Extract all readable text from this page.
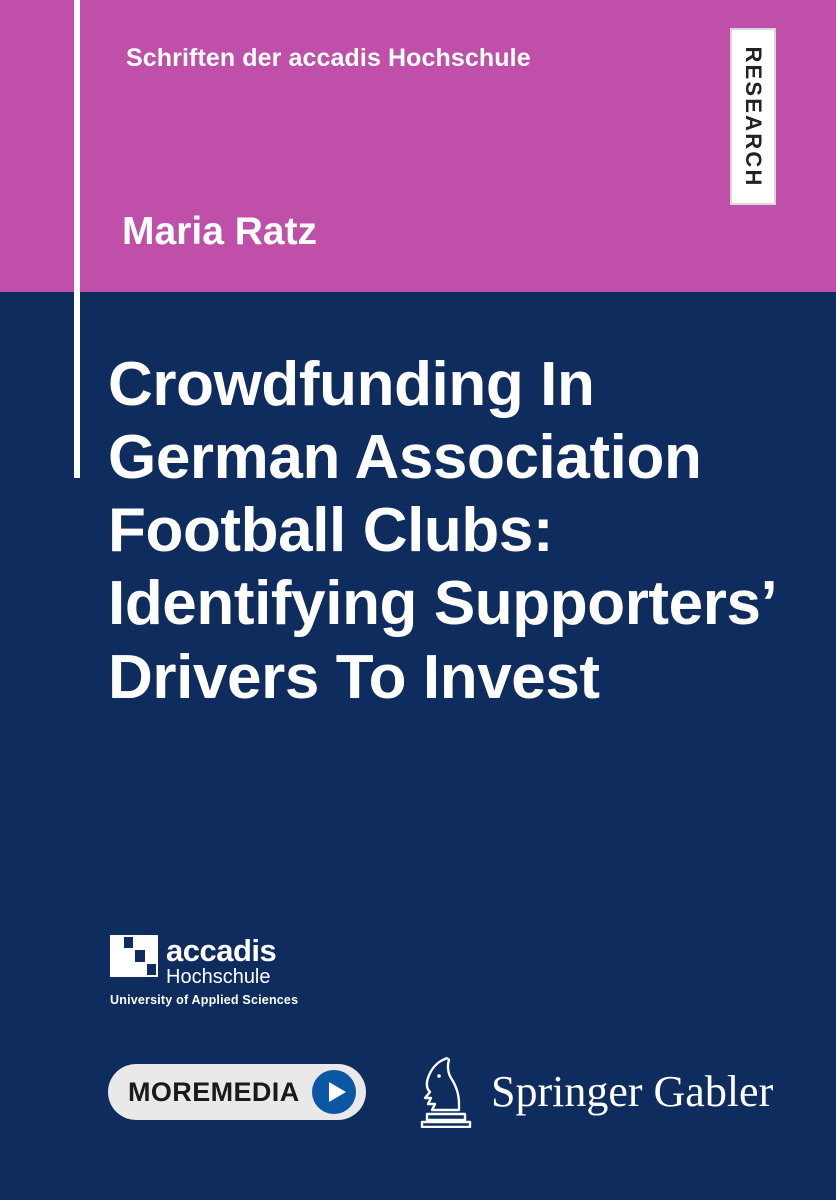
Schriften der accadis Hochschule	RESEARCH
Maria Ratz
Crowdfunding In
German Association
Football Clubs:
Identifying Supporters’
Drivers To Invest
accadis
Hochschule
University of Applied Sciences
MOREMEDIA	Springer Gabler
